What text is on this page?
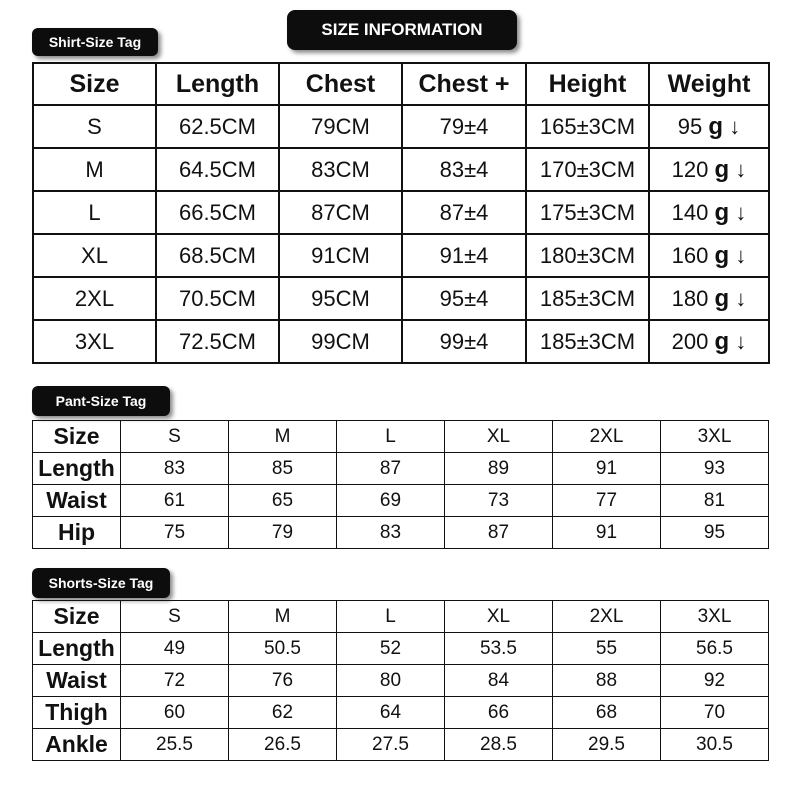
SIZE INFORMATION
Shirt-Size Tag
Size	Length	Chest	Chest +	Height	Weight
S	62.5CM	79CM	79±4	165±3CM	95 g ↓
M	64.5CM	83CM	83±4	170±3CM	120 g ↓
L	66.5CM	87CM	87±4	175±3CM	140 g ↓
XL	68.5CM	91CM	91±4	180±3CM	160 g ↓
2XL	70.5CM	95CM	95±4	185±3CM	180 g ↓
3XL	72.5CM	99CM	99±4	185±3CM	200 g ↓
Pant-Size Tag
Size	S	M	L	XL	2XL	3XL
Length	83	85	87	89	91	93
Waist	61	65	69	73	77	81
Hip	75	79	83	87	91	95
Shorts-Size Tag
Size	S	M	L	XL	2XL	3XL
Length	49	50.5	52	53.5	55	56.5
Waist	72	76	80	84	88	92
Thigh	60	62	64	66	68	70
Ankle	25.5	26.5	27.5	28.5	29.5	30.5
